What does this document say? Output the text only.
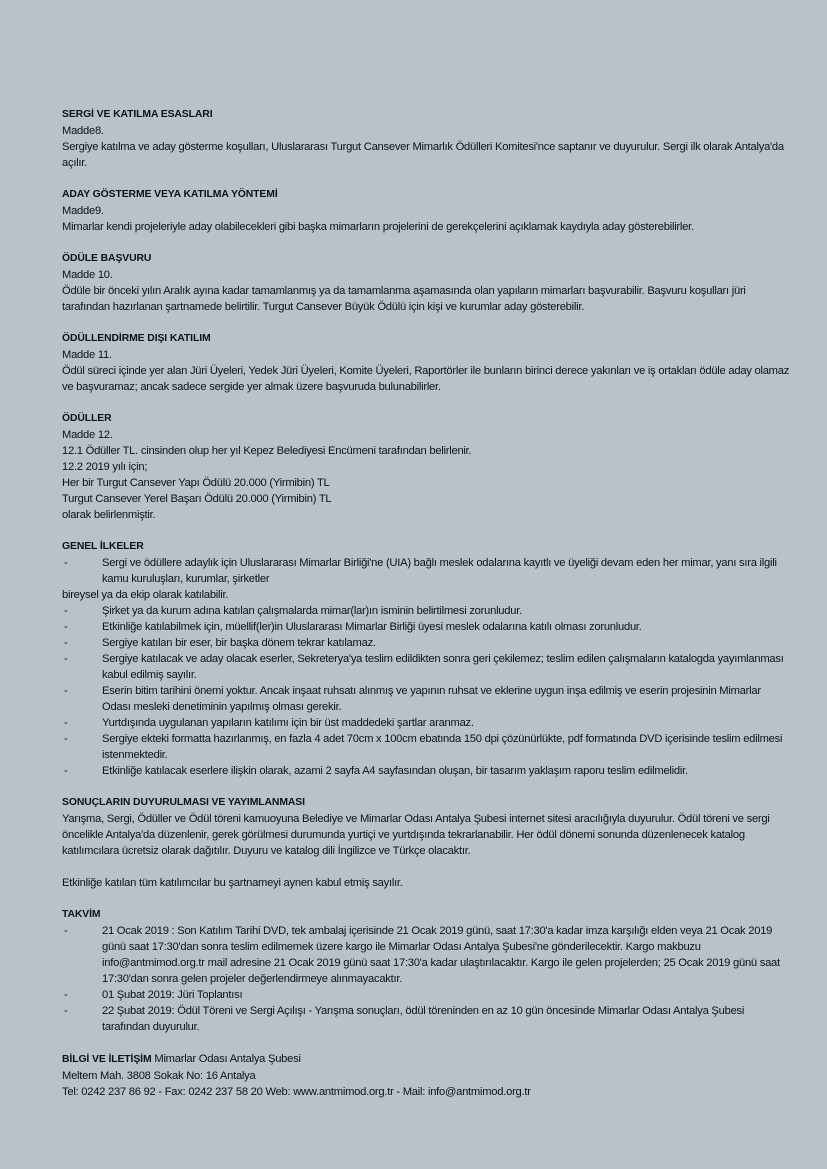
SERGİ VE KATILMA ESASLARI
Madde8.
Sergiye katılma ve aday gösterme koşulları, Uluslararası Turgut Cansever Mimarlık Ödülleri Komitesi'nce saptanır ve duyurulur. Sergi ilk olarak Antalya'da açılır.
ADAY GÖSTERME VEYA KATILMA YÖNTEMİ
Madde9.
Mimarlar kendi projeleriyle aday olabilecekleri gibi başka mimarların projelerini de gerekçelerini açıklamak kaydıyla aday gösterebilirler.
ÖDÜLE BAŞVURU
Madde 10.
Ödüle bir önceki yılın Aralık ayına kadar tamamlanmış ya da tamamlanma aşamasında olan yapıların mimarları başvurabilir. Başvuru koşulları jüri tarafından hazırlanan şartnamede belirtilir. Turgut Cansever Büyük Ödülü için kişi ve kurumlar aday gösterebilir.
ÖDÜLLENDİRME DIŞI KATILIM
Madde 11.
Ödül süreci içinde yer alan Jüri Üyeleri, Yedek Jüri Üyeleri, Komite Üyeleri, Raportörler ile bunların birinci derece yakınları ve iş ortakları ödüle aday olamaz ve başvuramaz; ancak sadece sergide yer almak üzere başvuruda bulunabilirler.
ÖDÜLLER
Madde 12.
12.1 Ödüller TL. cinsinden olup her yıl Kepez Belediyesi Encümeni tarafından belirlenir.
12.2 2019 yılı için;
Her bir Turgut Cansever Yapı Ödülü 20.000 (Yirmibin) TL
Turgut Cansever Yerel Başarı Ödülü 20.000 (Yirmibin) TL
olarak belirlenmiştir.
GENEL İLKELER
-	Sergi ve ödüllere adaylık için Uluslararası Mimarlar Birliği'ne (UIA) bağlı meslek odalarına kayıtlı ve üyeliği devam eden her mimar, yanı sıra ilgili kamu kuruluşları, kurumlar, şirketler
bireysel ya da ekip olarak katılabilir.
-	Şirket ya da kurum adına katılan çalışmalarda mimar(lar)ın isminin belirtilmesi zorunludur.
-	Etkinliğe katılabilmek için, müellif(ler)in Uluslararası Mimarlar Birliği üyesi meslek odalarına katılı olması zorunludur.
-	Sergiye katılan bir eser, bir başka dönem tekrar katılamaz.
-	Sergiye katılacak ve aday olacak eserler, Sekreterya'ya teslim edildikten sonra geri çekilemez; teslim edilen çalışmaların katalogda yayımlanması kabul edilmiş sayılır.
-	Eserin bitim tarihini önemi yoktur. Ancak inşaat ruhsatı alınmış ve yapının ruhsat ve eklerine uygun inşa edilmiş ve eserin projesinin Mimarlar Odası mesleki denetiminin yapılmış olması gerekir.
-	Yurtdışında uygulanan yapıların katılımı için bir üst maddedeki şartlar aranmaz.
-	Sergiye ekteki formatta hazırlanmış, en fazla 4 adet 70cm x 100cm ebatında 150 dpi çözünürlükte, pdf formatında DVD içerisinde teslim edilmesi istenmektedir.
-	Etkinliğe katılacak eserlere ilişkin olarak, azami 2 sayfa A4 sayfasından oluşan, bir tasarım yaklaşım raporu teslim edilmelidir.
SONUÇLARIN DUYURULMASI VE YAYIMLANMASI
Yarışma, Sergi, Ödüller ve Ödül töreni kamuoyuna Belediye ve Mimarlar Odası Antalya Şubesi internet sitesi aracılığıyla duyurulur. Ödül töreni ve sergi öncelikle Antalya'da düzenlenir, gerek görülmesi durumunda yurtiçi ve yurtdışında tekrarlanabilir. Her ödül dönemi sonunda düzenlenecek katalog katılımcılara ücretsiz olarak dağıtılır. Duyuru ve katalog dili İngilizce ve Türkçe olacaktır.
Etkinliğe katılan tüm katılımcılar bu şartnameyi aynen kabul etmiş sayılır.
TAKVİM
-	21 Ocak 2019 : Son Katılım Tarihi DVD, tek ambalaj içerisinde 21 Ocak 2019 günü, saat 17:30'a kadar imza karşılığı elden veya 21 Ocak 2019 günü saat 17:30'dan sonra teslim edilmemek üzere kargo ile Mimarlar Odası Antalya Şubesi'ne gönderilecektir. Kargo makbuzu info@antmimod.org.tr mail adresine 21 Ocak 2019 günü saat 17:30'a kadar ulaştırılacaktır. Kargo ile gelen projelerden; 25 Ocak 2019 günü saat 17:30'dan sonra gelen projeler değerlendirmeye alınmayacaktır.
-	01 Şubat 2019: Jüri Toplantısı
-	22 Şubat 2019: Ödül Töreni ve Sergi Açılışı - Yarışma sonuçları, ödül töreninden en az 10 gün öncesinde Mimarlar Odası Antalya Şubesi tarafından duyurulur.
BİLGİ VE İLETİŞİM Mimarlar Odası Antalya Şubesi
Meltem Mah. 3808 Sokak No: 16 Antalya
Tel: 0242 237 86 92 - Fax: 0242 237 58 20 Web: www.antmimod.org.tr - Mail: info@antmimod.org.tr
